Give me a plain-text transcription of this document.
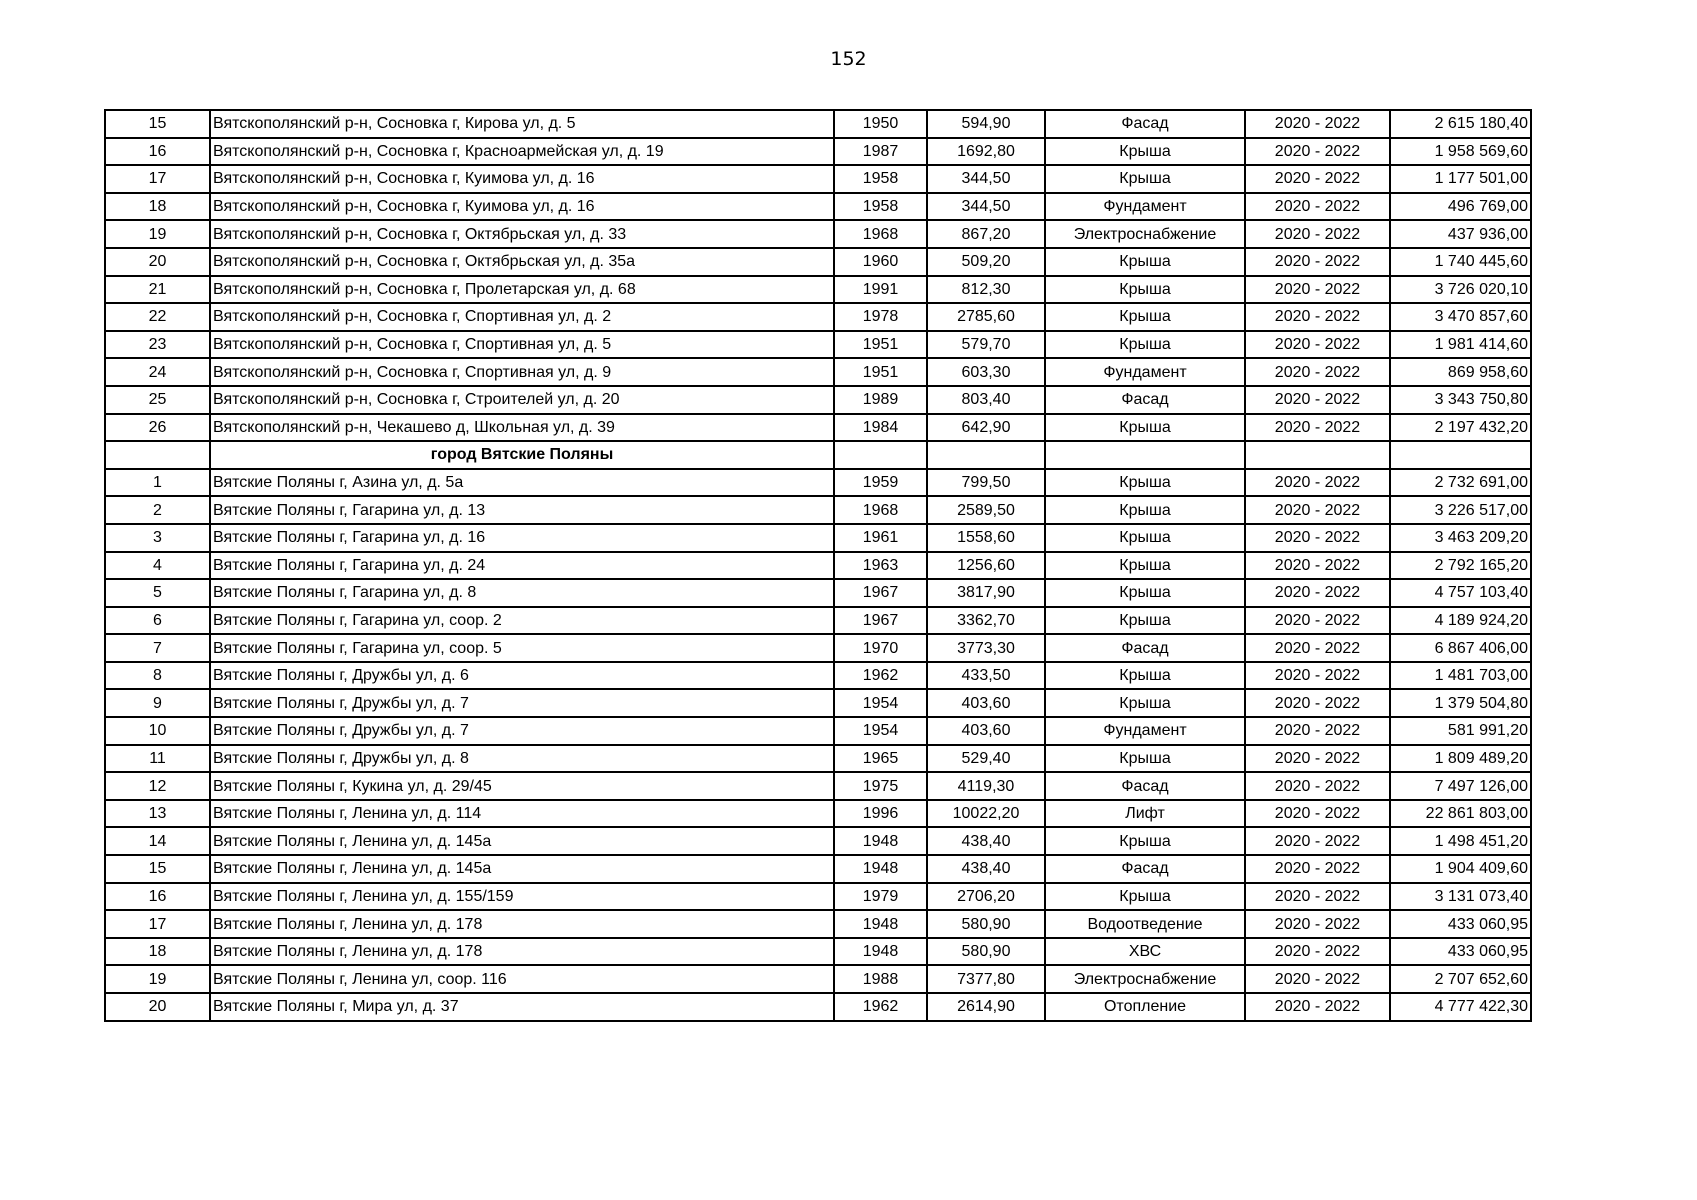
152
15	Вятскополянский р-н, Сосновка г, Кирова ул, д. 5	1950	594,90	Фасад	2020 - 2022	2 615 180,40
16	Вятскополянский р-н, Сосновка г, Красноармейская ул, д. 19	1987	1692,80	Крыша	2020 - 2022	1 958 569,60
17	Вятскополянский р-н, Сосновка г, Куимова ул, д. 16	1958	344,50	Крыша	2020 - 2022	1 177 501,00
18	Вятскополянский р-н, Сосновка г, Куимова ул, д. 16	1958	344,50	Фундамент	2020 - 2022	496 769,00
19	Вятскополянский р-н, Сосновка г, Октябрьская ул, д. 33	1968	867,20	Электроснабжение	2020 - 2022	437 936,00
20	Вятскополянский р-н, Сосновка г, Октябрьская ул, д. 35а	1960	509,20	Крыша	2020 - 2022	1 740 445,60
21	Вятскополянский р-н, Сосновка г, Пролетарская ул, д. 68	1991	812,30	Крыша	2020 - 2022	3 726 020,10
22	Вятскополянский р-н, Сосновка г, Спортивная ул, д. 2	1978	2785,60	Крыша	2020 - 2022	3 470 857,60
23	Вятскополянский р-н, Сосновка г, Спортивная ул, д. 5	1951	579,70	Крыша	2020 - 2022	1 981 414,60
24	Вятскополянский р-н, Сосновка г, Спортивная ул, д. 9	1951	603,30	Фундамент	2020 - 2022	869 958,60
25	Вятскополянский р-н, Сосновка г, Строителей ул, д. 20	1989	803,40	Фасад	2020 - 2022	3 343 750,80
26	Вятскополянский р-н, Чекашево д, Школьная ул, д. 39	1984	642,90	Крыша	2020 - 2022	2 197 432,20
	город Вятские Поляны					
1	Вятские Поляны г, Азина ул, д. 5а	1959	799,50	Крыша	2020 - 2022	2 732 691,00
2	Вятские Поляны г, Гагарина ул, д. 13	1968	2589,50	Крыша	2020 - 2022	3 226 517,00
3	Вятские Поляны г, Гагарина ул, д. 16	1961	1558,60	Крыша	2020 - 2022	3 463 209,20
4	Вятские Поляны г, Гагарина ул, д. 24	1963	1256,60	Крыша	2020 - 2022	2 792 165,20
5	Вятские Поляны г, Гагарина ул, д. 8	1967	3817,90	Крыша	2020 - 2022	4 757 103,40
6	Вятские Поляны г, Гагарина ул, соор. 2	1967	3362,70	Крыша	2020 - 2022	4 189 924,20
7	Вятские Поляны г, Гагарина ул, соор. 5	1970	3773,30	Фасад	2020 - 2022	6 867 406,00
8	Вятские Поляны г, Дружбы ул, д. 6	1962	433,50	Крыша	2020 - 2022	1 481 703,00
9	Вятские Поляны г, Дружбы ул, д. 7	1954	403,60	Крыша	2020 - 2022	1 379 504,80
10	Вятские Поляны г, Дружбы ул, д. 7	1954	403,60	Фундамент	2020 - 2022	581 991,20
11	Вятские Поляны г, Дружбы ул, д. 8	1965	529,40	Крыша	2020 - 2022	1 809 489,20
12	Вятские Поляны г, Кукина ул, д. 29/45	1975	4119,30	Фасад	2020 - 2022	7 497 126,00
13	Вятские Поляны г, Ленина ул, д. 114	1996	10022,20	Лифт	2020 - 2022	22 861 803,00
14	Вятские Поляны г, Ленина ул, д. 145а	1948	438,40	Крыша	2020 - 2022	1 498 451,20
15	Вятские Поляны г, Ленина ул, д. 145а	1948	438,40	Фасад	2020 - 2022	1 904 409,60
16	Вятские Поляны г, Ленина ул, д. 155/159	1979	2706,20	Крыша	2020 - 2022	3 131 073,40
17	Вятские Поляны г, Ленина ул, д. 178	1948	580,90	Водоотведение	2020 - 2022	433 060,95
18	Вятские Поляны г, Ленина ул, д. 178	1948	580,90	ХВС	2020 - 2022	433 060,95
19	Вятские Поляны г, Ленина ул, соор. 116	1988	7377,80	Электроснабжение	2020 - 2022	2 707 652,60
20	Вятские Поляны г, Мира ул, д. 37	1962	2614,90	Отопление	2020 - 2022	4 777 422,30
